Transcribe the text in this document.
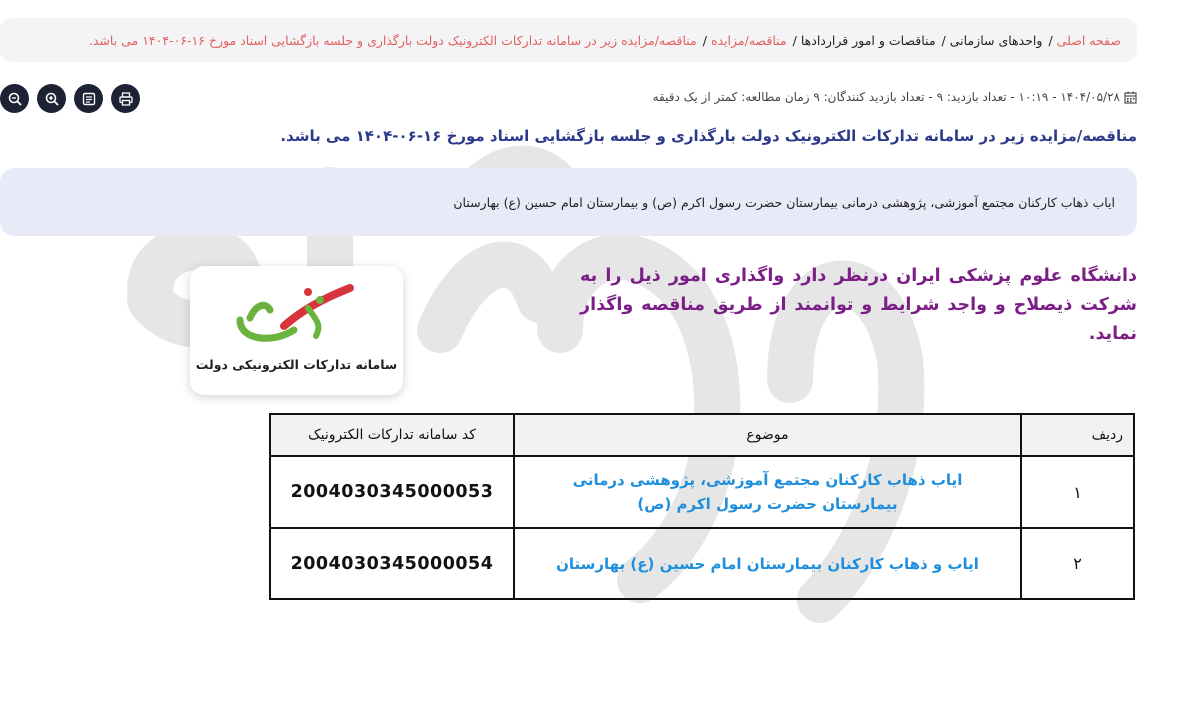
صفحه اصلی
/
واحدهای سازمانی
/
مناقصات و امور قراردادها
/
مناقصه/مزایده
/
مناقصه/مزایده زیر در سامانه تدارکات الکترونیک دولت بارگذاری و جلسه بازگشایی اسناد مورخ ۱۶-۰۶-۱۴۰۴ می باشد.
۱۴۰۴/۰۵/۲۸ - ۱۰:۱۹ - تعداد بازدید: ۹ - تعداد بازدید کنندگان: ۹ زمان مطالعه: کمتر از یک دقیقه
مناقصه/مزایده زیر در سامانه تدارکات الکترونیک دولت بارگذاری و جلسه بازگشایی اسناد مورخ ۱۶-۰۶-۱۴۰۴ می باشد.
ایاب ذهاب کارکنان مجتمع آموزشی، پژوهشی درمانی بیمارستان حضرت رسول اکرم (ص) و بیمارستان امام حسین (ع) بهارستان
دانشگاه علوم پزشکی ایران درنظر دارد واگذاری امور ذیل را به شرکت ذیصلاح و واجد شرایط و توانمند از طریق مناقصه واگذار نماید.
سامانه تدارکات الکترونیکی دولت
ردیف	موضوع	کد سامانه تدارکات الکترونیک
۱	ایاب ذهاب کارکنان مجتمع آموزشی، پژوهشی درمانی بیمارستان حضرت رسول اکرم (ص)	2004030345000053
۲	ایاب و ذهاب کارکنان بیمارستان امام حسین (ع) بهارستان	2004030345000054
